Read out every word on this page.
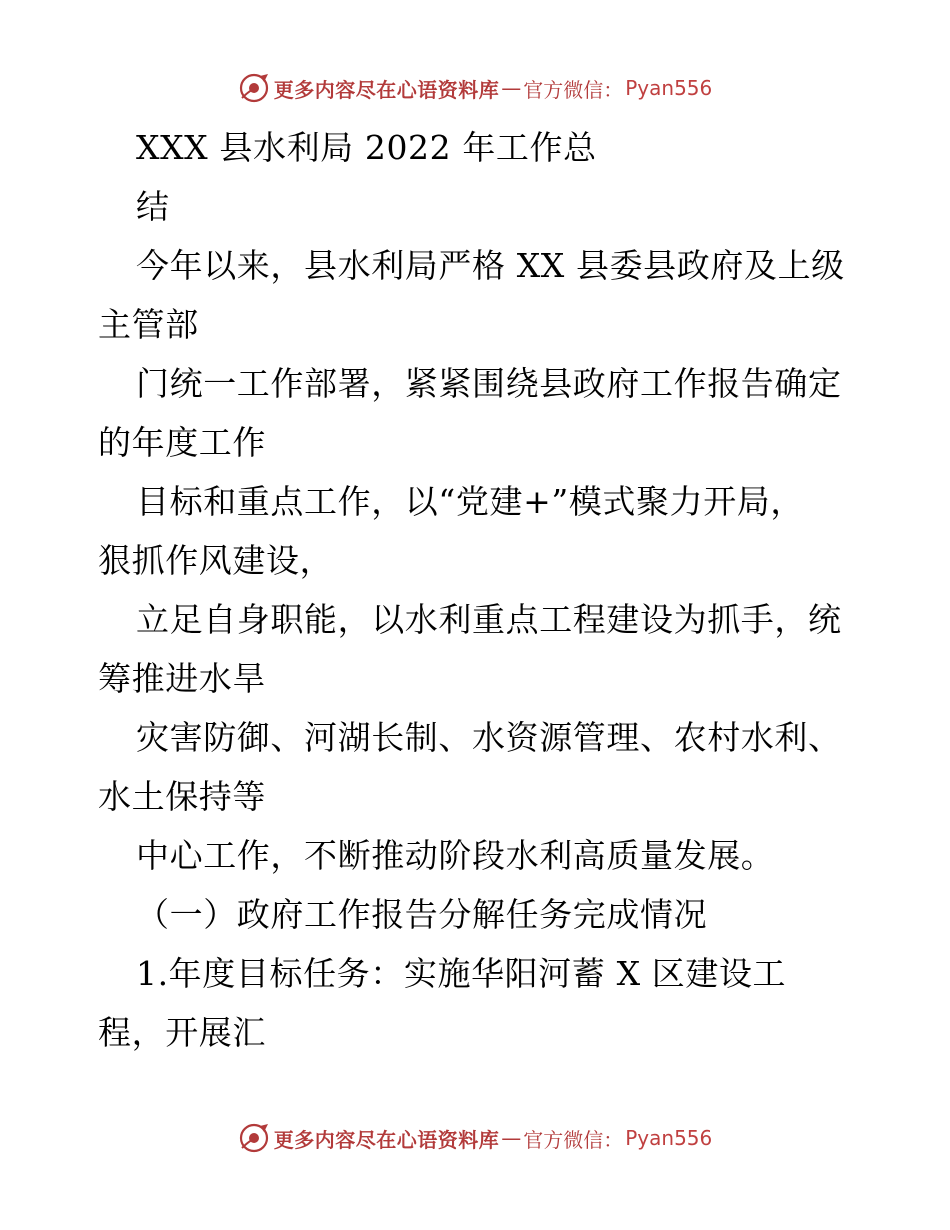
更多内容尽在心语资料库 — 官方微信： Pyan556
XXX 县水利局 2022 年工作总
结
今年以来，县水利局严格 XX 县委县政府及上级
主管部
门统一工作部署，紧紧围绕县政府工作报告确定
的年度工作
目标和重点工作，以“党建+”模式聚力开局，
狠抓作风建设，
立足自身职能，以水利重点工程建设为抓手，统
筹推进水旱
灾害防御、河湖长制、水资源管理、农村水利、
水土保持等
中心工作，不断推动阶段水利高质量发展。
（一）政府工作报告分解任务完成情况
1.年度目标任务：实施华阳河蓄 X 区建设工
程，开展汇
更多内容尽在心语资料库 — 官方微信： Pyan556
